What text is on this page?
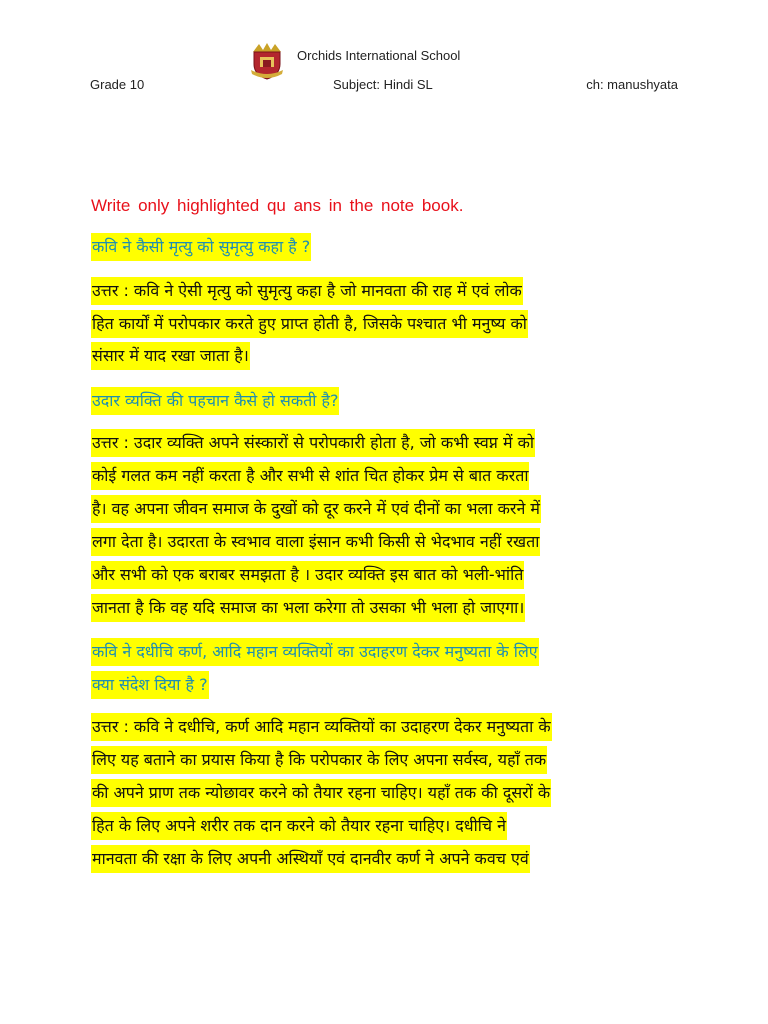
Orchids International School
Grade 10	Subject: Hindi SL	ch: manushyata
Write only highlighted qu ans in the note book.
कवि ने कैसी मृत्यु को सुमृत्यु कहा है ?
उत्तर : कवि ने ऐसी मृत्यु को सुमृत्यु कहा है जो मानवता की राह में एवं लोक
हित कार्यों में परोपकार करते हुए प्राप्त होती है, जिसके पश्चात भी मनुष्य को
संसार में याद रखा जाता है।
उदार व्यक्ति की पहचान कैसे हो सकती है?
उत्तर : उदार व्यक्ति अपने संस्कारों से परोपकारी होता है, जो कभी स्वप्न में को
कोई गलत कम नहीं करता है और सभी से शांत चित होकर प्रेम से बात करता
है। वह अपना जीवन समाज के दुखों को दूर करने में एवं दीनों का भला करने में
लगा देता है। उदारता के स्वभाव वाला इंसान कभी किसी से भेदभाव नहीं रखता
और सभी को एक बराबर समझता है । उदार व्यक्ति इस बात को भली-भांति
जानता है कि वह यदि समाज का भला करेगा तो उसका भी भला हो जाएगा।
कवि ने दधीचि कर्ण, आदि महान व्यक्तियों का उदाहरण देकर मनुष्यता के लिए
क्या संदेश दिया है ?
उत्तर : कवि ने दधीचि, कर्ण आदि महान व्यक्तियों का उदाहरण देकर मनुष्यता के
लिए यह बताने का प्रयास किया है कि परोपकार के लिए अपना सर्वस्व, यहाँ तक
की अपने प्राण तक न्योछावर करने को तैयार रहना चाहिए। यहाँ तक की दूसरों के
हित के लिए अपने शरीर तक दान करने को तैयार रहना चाहिए। दधीचि ने
मानवता की रक्षा के लिए अपनी अस्थियाँ एवं दानवीर कर्ण ने अपने कवच एवं
